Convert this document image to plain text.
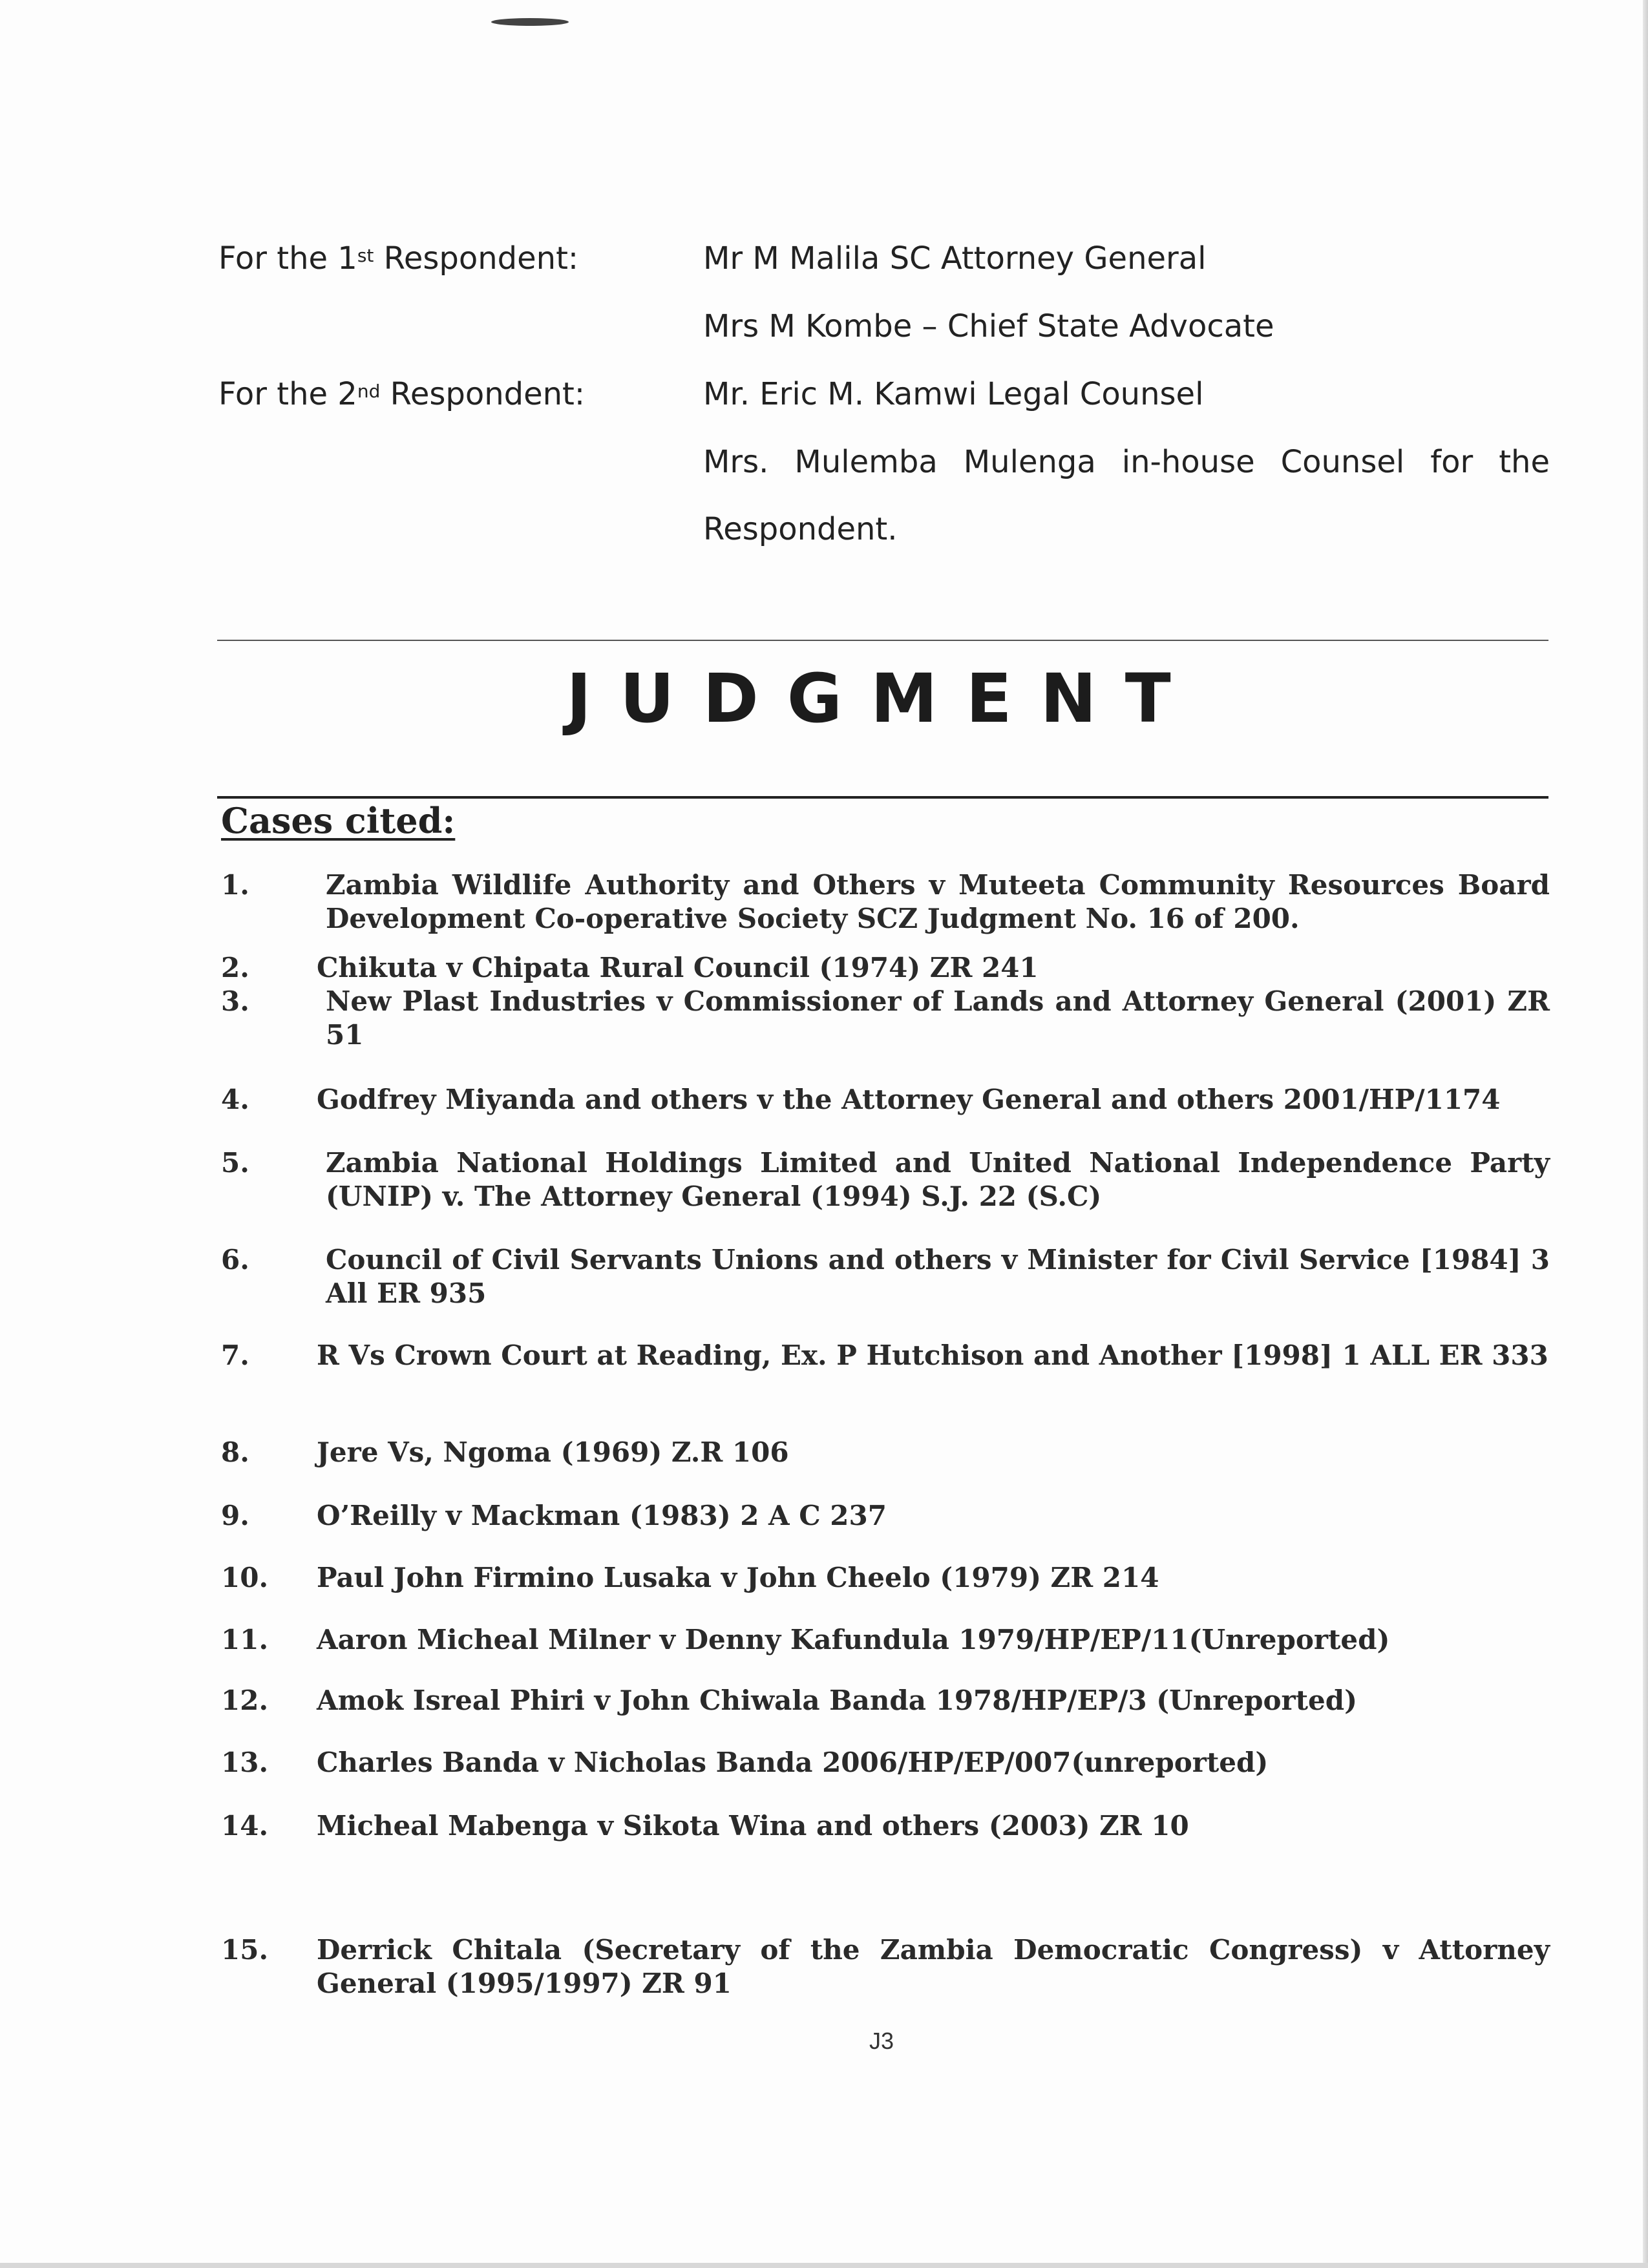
For the 1st Respondent:	Mr M Malila SC Attorney General
Mrs M Kombe – Chief State Advocate
For the 2nd Respondent:	Mr. Eric M. Kamwi Legal Counsel
Mrs. Mulemba Mulenga in-house Counsel for the
Respondent.
JUDGMENT
Cases cited:
1.	Zambia Wildlife Authority and Others v Muteeta Community Resources Board Development Co-operative Society SCZ Judgment No. 16 of 200.
2.	Chikuta v Chipata Rural Council (1974) ZR 241
3.	New Plast Industries v Commissioner of Lands and Attorney General (2001) ZR 51
4.	Godfrey Miyanda and others v the Attorney General and others 2001/HP/1174
5.	Zambia National Holdings Limited and United National Independence Party (UNIP) v. The Attorney General (1994) S.J. 22 (S.C)
6.	Council of Civil Servants Unions and others v Minister for Civil Service [1984] 3 All ER 935
7.	R Vs Crown Court at Reading, Ex. P Hutchison and Another [1998] 1 ALL ER 333
8.	Jere Vs, Ngoma (1969) Z.R 106
9.	O’Reilly v Mackman (1983) 2 A C 237
10.	Paul John Firmino Lusaka v John Cheelo (1979) ZR 214
11.	Aaron Micheal Milner v Denny Kafundula 1979/HP/EP/11(Unreported)
12.	Amok Isreal Phiri v John Chiwala Banda 1978/HP/EP/3 (Unreported)
13.	Charles Banda v Nicholas Banda 2006/HP/EP/007(unreported)
14.	Micheal Mabenga v Sikota Wina and others (2003) ZR 10
15.	Derrick Chitala (Secretary of the Zambia Democratic Congress) v Attorney General (1995/1997) ZR 91
J3
